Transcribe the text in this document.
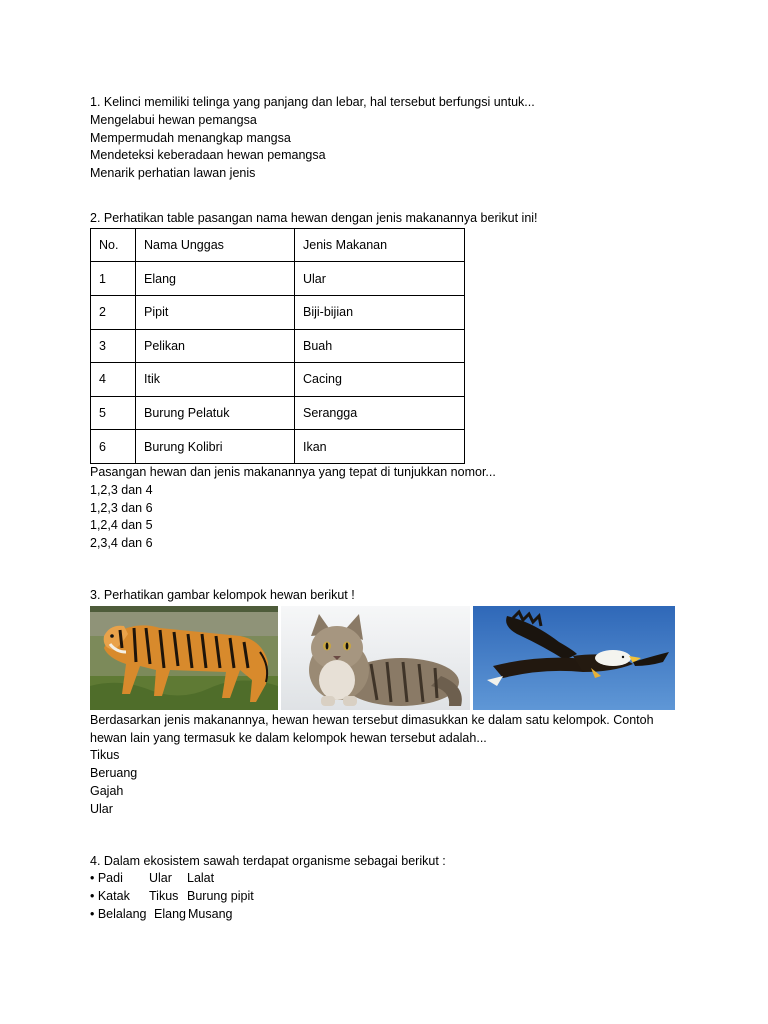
1. Kelinci memiliki telinga yang panjang dan lebar, hal tersebut berfungsi untuk...
Mengelabui hewan pemangsa
Mempermudah menangkap mangsa
Mendeteksi keberadaan hewan pemangsa
Menarik perhatian lawan jenis
2. Perhatikan table pasangan nama hewan dengan jenis makanannya berikut ini!
No.	Nama Unggas	Jenis Makanan
1	Elang	Ular
2	Pipit	Biji-bijian
3	Pelikan	Buah
4	Itik	Cacing
5	Burung Pelatuk	Serangga
6	Burung Kolibri	Ikan
Pasangan hewan dan jenis makanannya yang tepat di tunjukkan nomor...
1,2,3 dan 4
1,2,3 dan 6
1,2,4 dan 5
2,3,4 dan 6
3. Perhatikan gambar kelompok hewan berikut !
Berdasarkan jenis makanannya, hewan hewan tersebut dimasukkan ke dalam satu kelompok. Contoh
hewan lain yang termasuk ke dalam kelompok hewan tersebut adalah...
Tikus
Beruang
Gajah
Ular
4. Dalam ekosistem sawah terdapat organisme sebagai berikut :
• Padi	Ular	Lalat
• Katak	Tikus Burung pipit
• Belalang Elang Musang
